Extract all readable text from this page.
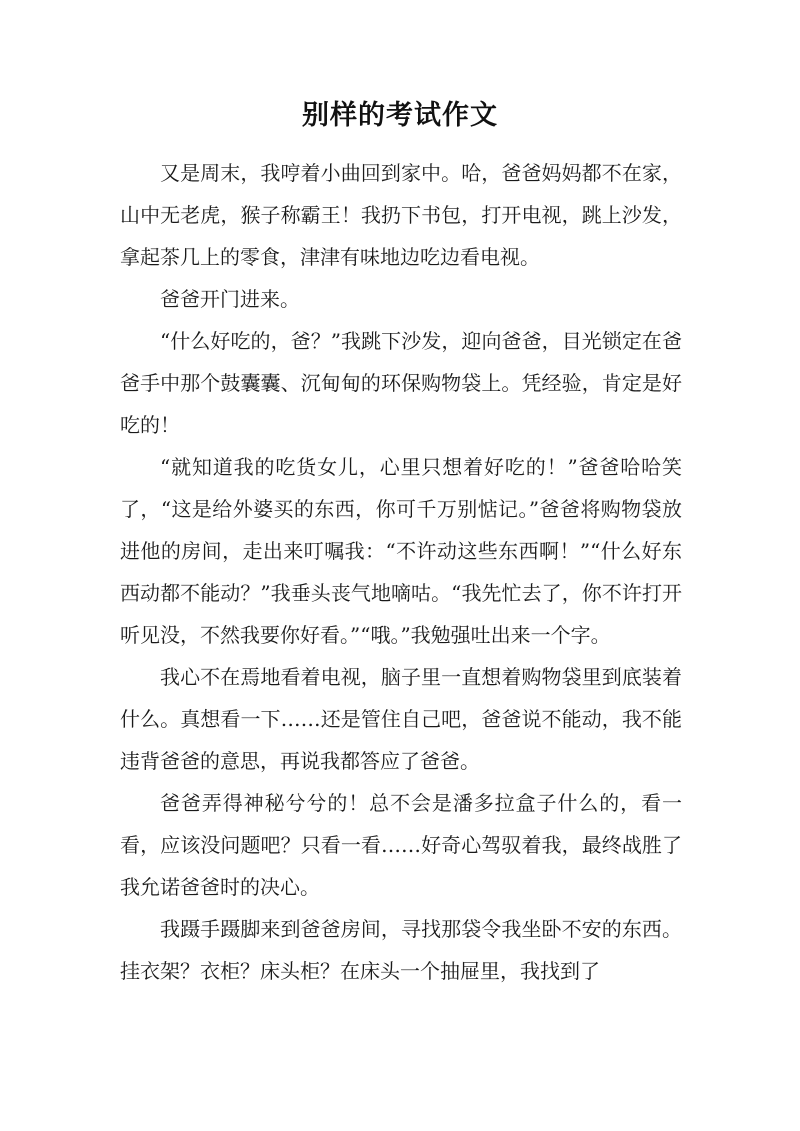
别样的考试作文

又是周末，我哼着小曲回到家中。哈，爸爸妈妈都不在家，山中无老虎，猴子称霸王！我扔下书包，打开电视，跳上沙发，拿起茶几上的零食，津津有味地边吃边看电视。

爸爸开门进来。

“什么好吃的，爸？”我跳下沙发，迎向爸爸，目光锁定在爸爸手中那个鼓囊囊、沉甸甸的环保购物袋上。凭经验，肯定是好吃的！

“就知道我的吃货女儿，心里只想着好吃的！”爸爸哈哈笑了，“这是给外婆买的东西，你可千万别惦记。”爸爸将购物袋放进他的房间，走出来叮嘱我：“不许动这些东西啊！”“什么好东西动都不能动？”我垂头丧气地嘀咕。“我先忙去了，你不许打开听见没，不然我要你好看。”“哦。”我勉强吐出来一个字。

我心不在焉地看着电视，脑子里一直想着购物袋里到底装着什么。真想看一下……还是管住自己吧，爸爸说不能动，我不能违背爸爸的意思，再说我都答应了爸爸。

爸爸弄得神秘兮兮的！总不会是潘多拉盒子什么的，看一看，应该没问题吧？只看一看……好奇心驾驭着我，最终战胜了我允诺爸爸时的决心。

我蹑手蹑脚来到爸爸房间，寻找那袋令我坐卧不安的东西。挂衣架？衣柜？床头柜？在床头一个抽屉里，我找到了
